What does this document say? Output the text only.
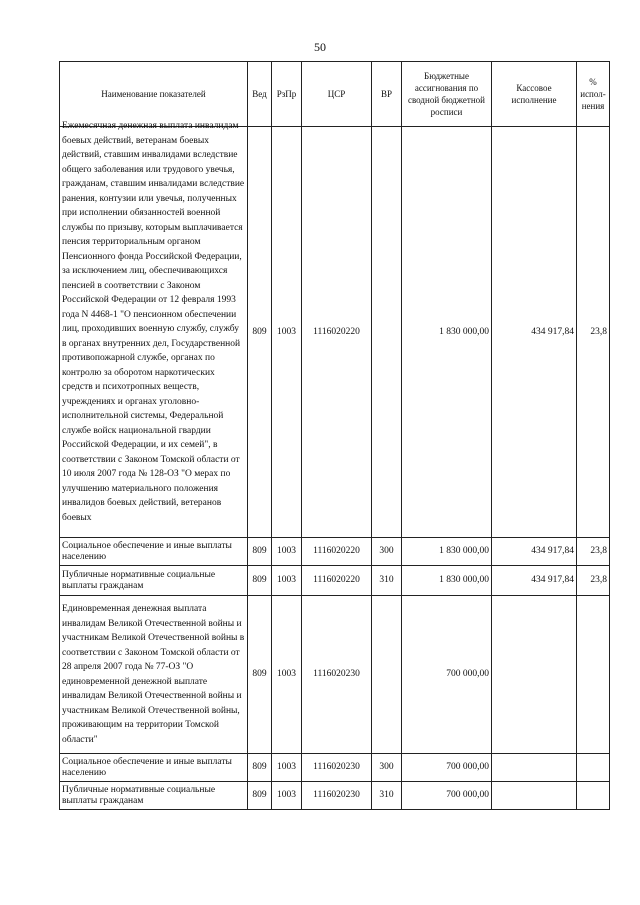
50
Наименование показателей	Вед	РзПр	ЦСР	ВР	Бюджетные ассигнования по сводной бюджетной росписи	Кассовое исполнение	% испол-нения

Ежемесячная денежная выплата инвалидам боевых действий, ветеранам боевых действий, ставшим инвалидами вследствие общего заболевания или трудового увечья, гражданам, ставшим инвалидами вследствие ранения, контузии или увечья, полученных при исполнении обязанностей военной службы по призыву, которым выплачивается пенсия территориальным органом Пенсионного фонда Российской Федерации, за исключением лиц, обеспечивающихся пенсией в соответствии с Законом Российской Федерации от 12 февраля 1993 года N 4468-1 "О пенсионном обеспечении лиц, проходивших военную службу, службу в органах внутренних дел, Государственной противопожарной службе, органах по контролю за оборотом наркотических средств и психотропных веществ, учреждениях и органах уголовно-исполнительной системы, Федеральной службе войск национальной гвардии Российской Федерации, и их семей", в соответствии с Законом Томской области от 10 июля 2007 года № 128-ОЗ "О мерах по улучшению материального положения инвалидов боевых действий, ветеранов боевых	809	1003	1116020220		1 830 000,00	434 917,84	23,8
Социальное обеспечение и иные выплаты населению	809	1003	1116020220	300	1 830 000,00	434 917,84	23,8
Публичные нормативные социальные выплаты гражданам	809	1003	1116020220	310	1 830 000,00	434 917,84	23,8
Единовременная денежная выплата инвалидам Великой Отечественной войны и участникам Великой Отечественной войны в соответствии с Законом Томской области от 28 апреля 2007 года № 77-ОЗ "О единовременной денежной выплате инвалидам Великой Отечественной войны и участникам Великой Отечественной войны, проживающим на территории Томской области"	809	1003	1116020230		700 000,00		
Социальное обеспечение и иные выплаты населению	809	1003	1116020230	300	700 000,00		
Публичные нормативные социальные выплаты гражданам	809	1003	1116020230	310	700 000,00		
